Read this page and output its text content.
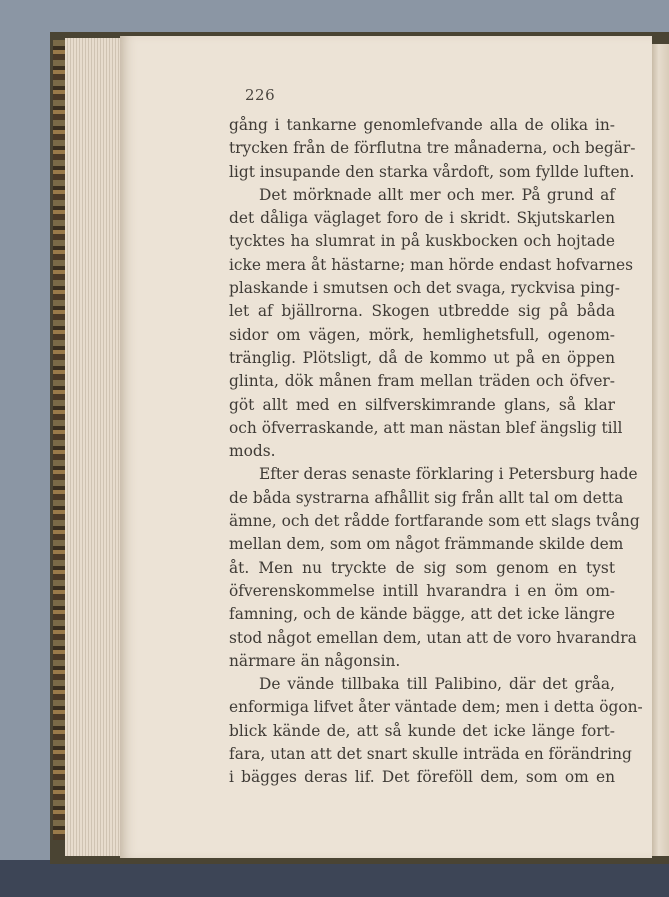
226
gång i tankarne genomlefvande alla de olika in-
trycken från de förflutna tre månaderna, och begär-
ligt insupande den starka vårdoft, som fyllde luften.
Det mörknade allt mer och mer. På grund af
det dåliga väglaget foro de i skridt. Skjutskarlen
tycktes ha slumrat in på kuskbocken och hojtade
icke mera åt hästarne; man hörde endast hofvarnes
plaskande i smutsen och det svaga, ryckvisa ping-
let af bjällrorna. Skogen utbredde sig på båda
sidor om vägen, mörk, hemlighetsfull, ogenom-
tränglig. Plötsligt, då de kommo ut på en öppen
glinta, dök månen fram mellan träden och öfver-
göt allt med en silfverskimrande glans, så klar
och öfverraskande, att man nästan blef ängslig till
mods.
Efter deras senaste förklaring i Petersburg hade
de båda systrarna afhållit sig från allt tal om detta
ämne, och det rådde fortfarande som ett slags tvång
mellan dem, som om något främmande skilde dem
åt. Men nu tryckte de sig som genom en tyst
öfverenskommelse intill hvarandra i en öm om-
famning, och de kände bägge, att det icke längre
stod något emellan dem, utan att de voro hvarandra
närmare än någonsin.
De vände tillbaka till Palibino, där det gråa,
enformiga lifvet åter väntade dem; men i detta ögon-
blick kände de, att så kunde det icke länge fort-
fara, utan att det snart skulle inträda en förändring
i bägges deras lif. Det föreföll dem, som om en
